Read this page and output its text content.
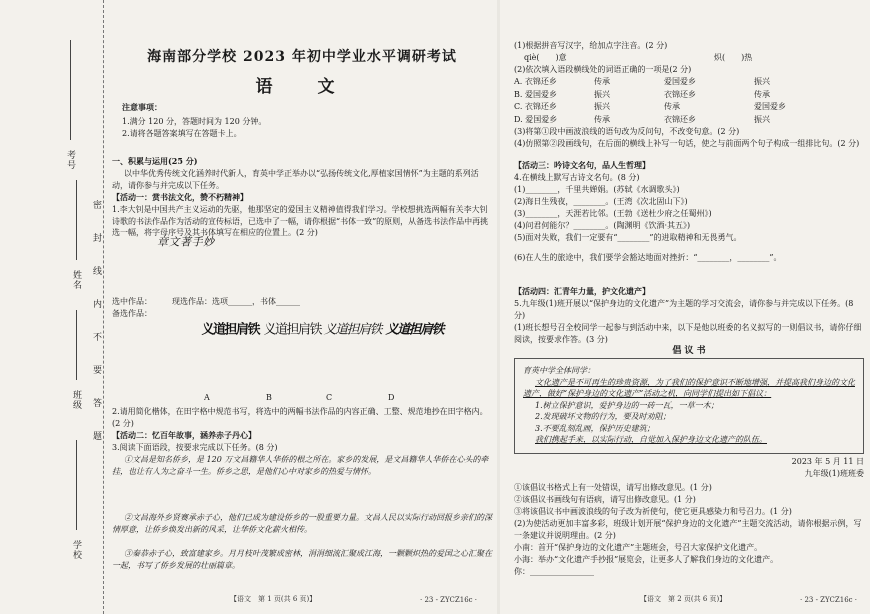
考号
姓名
班级
学校
密　　封　　线　　内　　不　　要　　答　　题
海南部分学校 2023 年初中学业水平调研考试
语　文
注意事项：
1.满分 120 分，答题时间为 120 分钟。
2.请将各题答案填写在答题卡上。
一、积累与运用(25 分)
以中华优秀传统文化涵养时代新人，育英中学正举办以“弘扬传统文化,厚植家国情怀”为主题的系列活动，请你参与并完成以下任务。
【活动一：赏书法文化，赞不朽精神】
1.李大钊是中国共产主义运动的先驱，他那坚定的爱国主义精神值得我们学习。学校想挑选两幅有关李大钊诗歌的书法作品作为活动的宣传标语，已选中了一幅，请你根据“书体一致”的原则，从备选书法作品中再挑选一幅，将字母序号及其书体填写在相应的位置上。(2 分)
选中作品：	现选作品：选项______，书体______
备选作品：
妙手著文章
铁肩担道义
A
铁肩担道义
B
铁肩担道义
C
铁肩担道义
D
2.请用简化楷体，在田字格中规范书写，将选中的两幅书法作品的内容正确、工整、规范地抄在田字格内。(2 分)
【活动二：忆百年故事，涵养赤子丹心】
3.阅读下面语段，按要求完成以下任务。(8 分)
①文昌是知名侨乡，是 120 万文昌籍华人华侨的根之所在。家乡的发展，是文昌籍华人华侨在心头的牵挂，也让有人为之奋斗一生。侨乡之思，是他们心中对家乡的热爱与情怀。
②文昌海外乡贤赛承赤子心，他们已成为建设侨乡的一股重要力量。文昌人民以实际行动回报乡亲们的深情厚意，让侨乡焕发出新的风采，让华侨文化薪火相传。
③秦恭赤子心，致富建家乡。月月枝叶茂繁成密林，涓涓细流汇聚成江海，一颗颗炽热的爱国之心汇聚在一起，书写了侨乡发展的壮丽篇章。
【语文　第 1 页(共 6 页)】	· 23 - ZYCZ16c ·
(1)根据拼音写汉字，给加点字注音。(2 分)
qiè(　　)意	炽(　　)热
(2)依次填入语段横线处的词语正确的一项是(2 分)
A. 衣锦还乡	传承	爱国爱乡	振兴
B. 爱国爱乡	振兴	衣锦还乡	传承
C. 衣锦还乡	振兴	传承	爱国爱乡
D. 爱国爱乡	传承	衣锦还乡	振兴
(3)将第①段中画波浪线的语句改为反问句，不改变句意。(2 分)
(4)仿照第②段画线句，在后面的横线上补写一句话，使之与前面两个句子构成一组排比句。(2 分)
【活动三：吟诗文名句，品人生哲理】
4.在横线上默写古诗文名句。(8 分)
(1)________，千里共婵娟。(苏轼《水调歌头》)
(2)海日生残夜，________。(王湾《次北固山下》)
(3)________，天涯若比邻。(王勃《送杜少府之任蜀州》)
(4)问君何能尔？________。(陶渊明《饮酒·其五》)
(5)面对失败，我们一定要有“________”的进取精神和无畏勇气。
(6)在人生的旅途中，我们要学会豁达地面对挫折：“________，________”。
【活动四：汇青年力量，护文化遗产】
5.九年级(1)班开展以“保护身边的文化遗产”为主题的学习交流会，请你参与并完成以下任务。(8 分)
(1)班长想号召全校同学一起参与到活动中来，以下是他以班委的名义拟写的一则倡议书，请你仔细阅读，按要求作答。(3 分)
倡 议 书
育英中学全体同学：
文化遗产是不可再生的珍贵资源，为了我们的保护意识不断地增强，并提高我们身边的文化遗产，做好“保护身边的文化遗产”活动之机，向同学们提出如下倡议：
1.树立保护意识，爱护身边的一砖一瓦，一草一木；
2.发现破坏文物的行为，要及时劝阻；
3.不要乱刻乱画，保护历史建筑；
我们携起手来，以实际行动，自觉加入保护身边文化遗产的队伍。
2023 年 5 月 11 日
九年级(1)班班委
①该倡议书格式上有一处错误，请写出修改意见。(1 分)
②该倡议书画线句有语病，请写出修改意见。(1 分)
③将该倡议书中画波浪线的句子改为祈使句，使它更具感染力和号召力。(1 分)
(2)为使活动更加丰富多彩，班级计划开展“保护身边的文化遗产”主题交流活动，请你根据示例，写一条建议并说明理由。(2 分)
小南：首开“保护身边的文化遗产”主题班会，号召大家保护文化遗产。
小海：举办“文化遗产手抄报”展览会，让更多人了解我们身边的文化遗产。
你：________________
【语文　第 2 页(共 6 页)】	· 23 - ZYCZ16c ·
